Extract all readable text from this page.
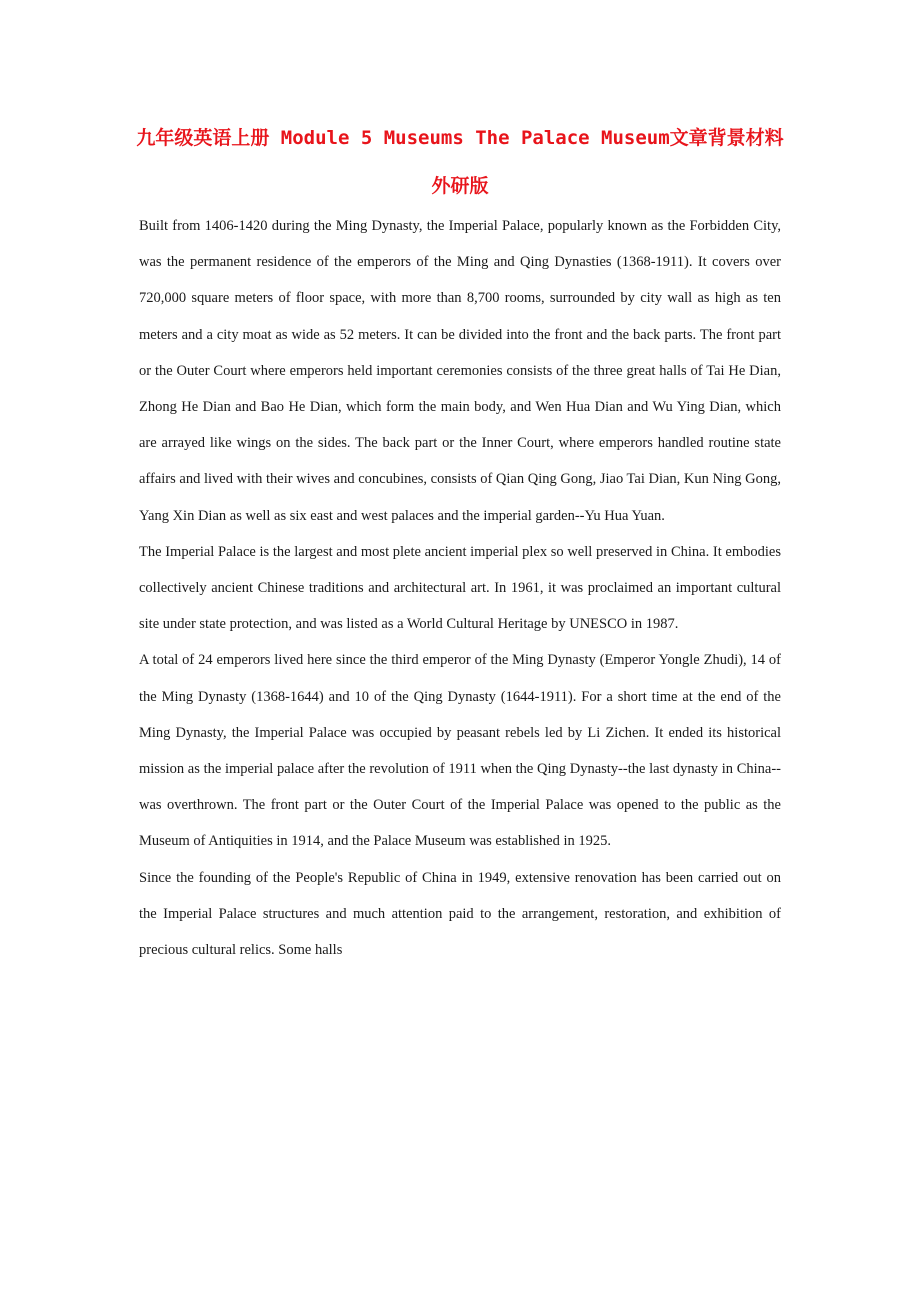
九年级英语上册 Module 5 Museums The Palace Museum文章背景材料 外研版

Built from 1406-1420 during the Ming Dynasty, the Imperial Palace, popularly known as the Forbidden City, was the permanent residence of the emperors of the Ming and Qing Dynasties (1368-1911). It covers over 720,000 square meters of floor space, with more than 8,700 rooms, surrounded by city wall as high as ten meters and a city moat as wide as 52 meters. It can be divided into the front and the back parts. The front part or the Outer Court where emperors held important ceremonies consists of the three great halls of Tai He Dian, Zhong He Dian and Bao He Dian, which form the main body, and Wen Hua Dian and Wu Ying Dian, which are arrayed like wings on the sides. The back part or the Inner Court, where emperors handled routine state affairs and lived with their wives and concubines, consists of Qian Qing Gong, Jiao Tai Dian, Kun Ning Gong, Yang Xin Dian as well as six east and west palaces and the imperial garden--Yu Hua Yuan.

The Imperial Palace is the largest and most plete ancient imperial plex so well preserved in China. It embodies collectively ancient Chinese traditions and architectural art. In 1961, it was proclaimed an important cultural site under state protection, and was listed as a World Cultural Heritage by UNESCO in 1987.

A total of 24 emperors lived here since the third emperor of the Ming Dynasty (Emperor Yongle Zhudi), 14 of the Ming Dynasty (1368-1644) and 10 of the Qing Dynasty (1644-1911). For a short time at the end of the Ming Dynasty, the Imperial Palace was occupied by peasant rebels led by Li Zichen. It ended its historical mission as the imperial palace after the revolution of 1911 when the Qing Dynasty--the last dynasty in China--was overthrown. The front part or the Outer Court of the Imperial Palace was opened to the public as the Museum of Antiquities in 1914, and the Palace Museum was established in 1925.

Since the founding of the People's Republic of China in 1949, extensive renovation has been carried out on the Imperial Palace structures and much attention paid to the arrangement, restoration, and exhibition of precious cultural relics. Some halls
